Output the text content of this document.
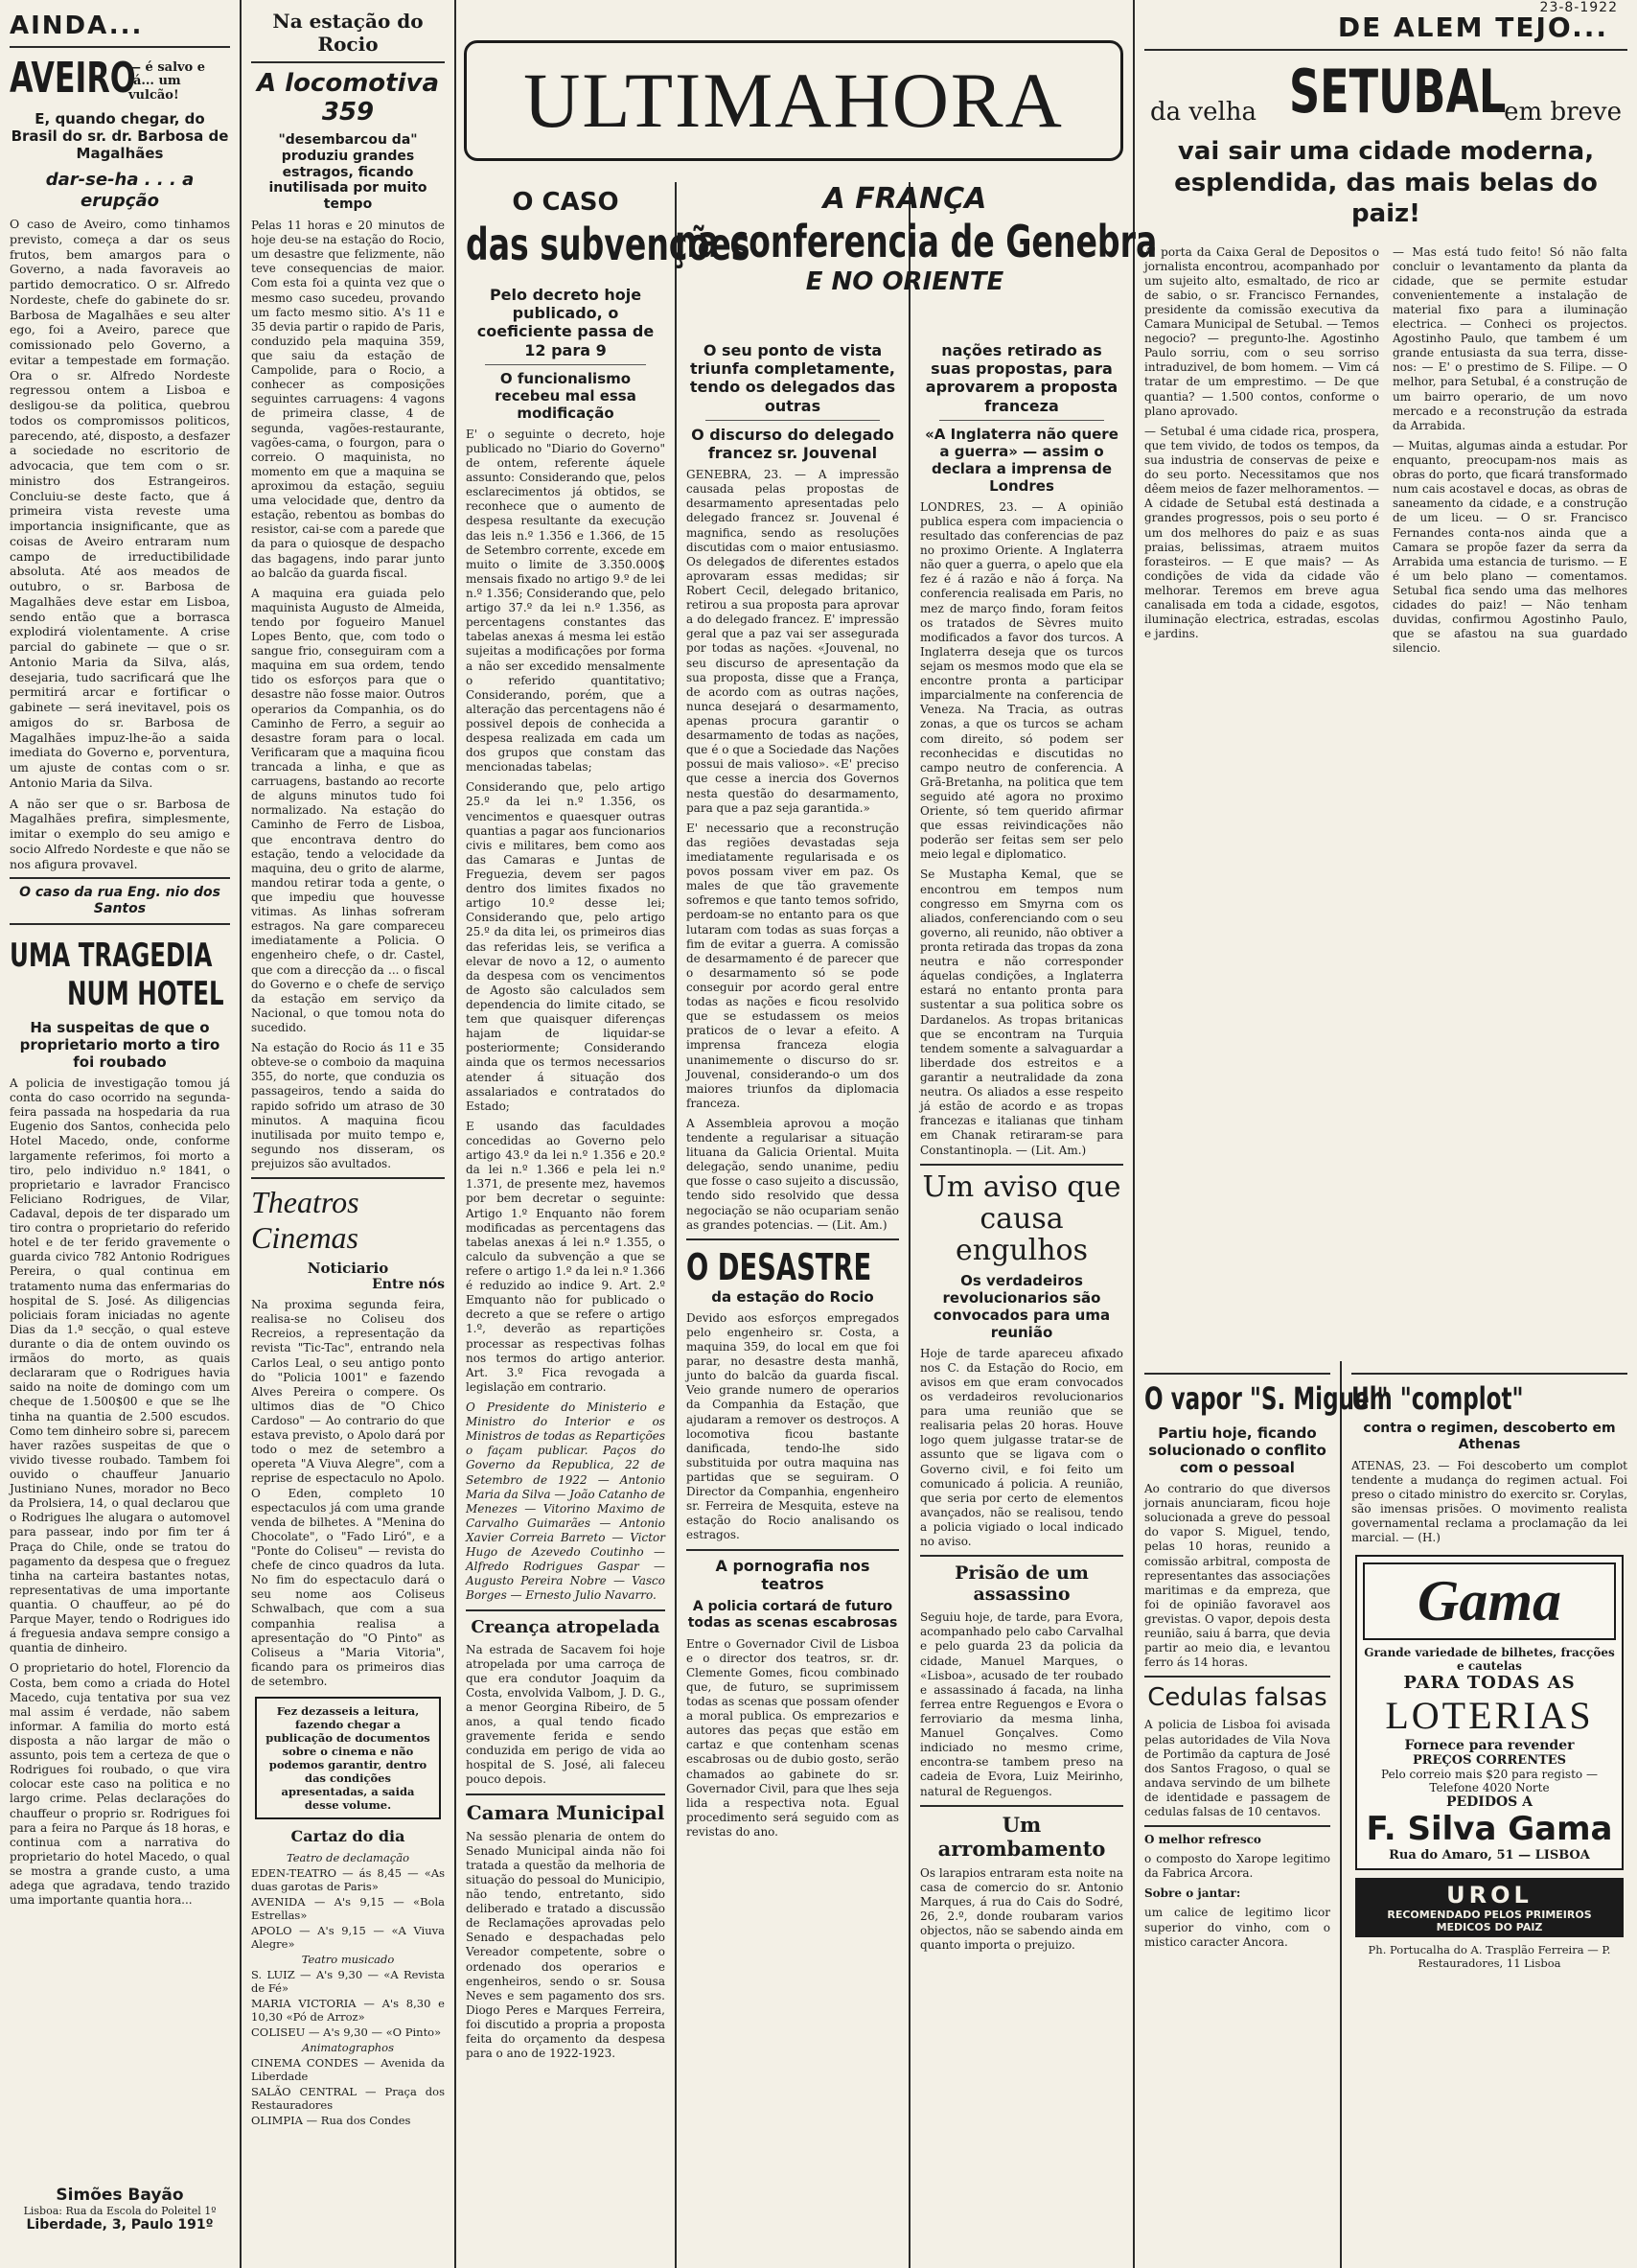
23-8-1922
AINDA...
AVEIRO
— é salvo e lá... um vulcão!
E, quando chegar, do Brasil do sr. dr. Barbosa de Magalhães
dar-se-ha . . . a erupção
O caso de Aveiro, como tinhamos previsto, começa a dar os seus frutos, bem amargos para o Governo, a nada favoraveis ao partido democratico. O sr. Alfredo Nordeste, chefe do gabinete do sr. Barbosa de Magalhães e seu alter ego, foi a Aveiro, parece que comissionado pelo Governo, a evitar a tempestade em formação. Ora o sr. Alfredo Nordeste regressou ontem a Lisboa e desligou-se da politica, quebrou todos os compromissos politicos, parecendo, até, disposto, a desfazer a sociedade no escritorio de advocacia, que tem com o sr. ministro dos Estrangeiros. Concluiu-se deste facto, que á primeira vista reveste uma importancia insignificante, que as coisas de Aveiro entraram num campo de irreductibilidade absoluta. Até aos meados de outubro, o sr. Barbosa de Magalhães deve estar em Lisboa, sendo então que a borrasca explodirá violentamente. A crise parcial do gabinete — que o sr. Antonio Maria da Silva, alás, desejaria, tudo sacrificará que lhe permitirá arcar e fortificar o gabinete — será inevitavel, pois os amigos do sr. Barbosa de Magalhães impuz-lhe-ão a saida imediata do Governo e, porventura, um ajuste de contas com o sr. Antonio Maria da Silva.
A não ser que o sr. Barbosa de Magalhães prefira, simplesmente, imitar o exemplo do seu amigo e socio Alfredo Nordeste e que não se nos afigura provavel.
O caso da rua Eng. nio dos Santos
UMA TRAGEDIA NUM HOTEL
Ha suspeitas de que o proprietario morto a tiro foi roubado
A policia de investigação tomou já conta do caso ocorrido na segunda-feira passada na hospedaria da rua Eugenio dos Santos, conhecida pelo Hotel Macedo, onde, conforme largamente referimos, foi morto a tiro, pelo individuo n.º 1841, o proprietario e lavrador Francisco Feliciano Rodrigues, de Vilar, Cadaval, depois de ter disparado um tiro contra o proprietario do referido hotel e de ter ferido gravemente o guarda civico 782 Antonio Rodrigues Pereira, o qual continua em tratamento numa das enfermarias do hospital de S. José. As diligencias policiais foram iniciadas no agente Dias da 1.ª secção, o qual esteve durante o dia de ontem ouvindo os irmãos do morto, as quais declararam que o Rodrigues havia saido na noite de domingo com um cheque de 1.500$00 e que se lhe tinha na quantia de 2.500 escudos. Como tem dinheiro sobre si, parecem haver razões suspeitas de que o vivido tivesse roubado. Tambem foi ouvido o chauffeur Januario Justiniano Nunes, morador no Beco da Prolsiera, 14, o qual declarou que o Rodrigues lhe alugara o automovel para passear, indo por fim ter á Praça do Chile, onde se tratou do pagamento da despesa que o freguez tinha na carteira bastantes notas, representativas de uma importante quantia. O chauffeur, ao pé do Parque Mayer, tendo o Rodrigues ido á freguesia andava sempre consigo a quantia de dinheiro.
O proprietario do hotel, Florencio da Costa, bem como a criada do Hotel Macedo, cuja tentativa por sua vez mal assim é verdade, não sabem informar. A familia do morto está disposta a não largar de mão o assunto, pois tem a certeza de que o Rodrigues foi roubado, o que vira colocar este caso na politica e no largo crime. Pelas declarações do chauffeur o proprio sr. Rodrigues foi para a feira no Parque ás 18 horas, e continua com a narrativa do proprietario do hotel Macedo, o qual se mostra a grande custo, a uma adega que agradava, tendo trazido uma importante quantia hora...
Simões Bayão
Lisboa: Rua da Escola do Poleitel 1º
Liberdade, 3, Paulo 191º
Na estação do Rocio
A locomotiva 359
"desembarcou da" produziu grandes estragos, ficando inutilisada por muito tempo
Pelas 11 horas e 20 minutos de hoje deu-se na estação do Rocio, um desastre que felizmente, não teve consequencias de maior. Com esta foi a quinta vez que o mesmo caso sucedeu, provando um facto mesmo sitio. A's 11 e 35 devia partir o rapido de Paris, conduzido pela maquina 359, que saiu da estação de Campolide, para o Rocio, a conhecer as composições seguintes carruagens: 4 vagons de primeira classe, 4 de segunda, vagões-restaurante, vagões-cama, o fourgon, para o correio. O maquinista, no momento em que a maquina se aproximou da estação, seguiu uma velocidade que, dentro da estação, rebentou as bombas do resistor, cai-se com a parede que da para o quiosque de despacho das bagagens, indo parar junto ao balcão da guarda fiscal.
A maquina era guiada pelo maquinista Augusto de Almeida, tendo por fogueiro Manuel Lopes Bento, que, com todo o sangue frio, conseguiram com a maquina em sua ordem, tendo tido os esforços para que o desastre não fosse maior. Outros operarios da Companhia, os do Caminho de Ferro, a seguir ao desastre foram para o local. Verificaram que a maquina ficou trancada a linha, e que as carruagens, bastando ao recorte de alguns minutos tudo foi normalizado. Na estação do Caminho de Ferro de Lisboa, que encontrava dentro do estação, tendo a velocidade da maquina, deu o grito de alarme, mandou retirar toda a gente, o que impediu que houvesse vitimas. As linhas sofreram estragos. Na gare compareceu imediatamente a Policia. O engenheiro chefe, o dr. Castel, que com a direcção da ... o fiscal do Governo e o chefe de serviço da estação em serviço da Nacional, o que tomou nota do sucedido.
Na estação do Rocio ás 11 e 35 obteve-se o comboio da maquina 355, do norte, que conduzia os passageiros, tendo a saida do rapido sofrido um atraso de 30 minutos. A maquina ficou inutilisada por muito tempo e, segundo nos disseram, os prejuizos são avultados.
Theatros Cinemas
Noticiario
Entre nós
Na proxima segunda feira, realisa-se no Coliseu dos Recreios, a representação da revista "Tic-Tac", entrando nela Carlos Leal, o seu antigo ponto do "Policia 1001" e fazendo Alves Pereira o compere. Os ultimos dias de "O Chico Cardoso" — Ao contrario do que estava previsto, o Apolo dará por todo o mez de setembro a opereta "A Viuva Alegre", com a reprise de espectaculo no Apolo. O Eden, completo 10 espectaculos já com uma grande venda de bilhetes. A "Menina do Chocolate", o "Fado Liró", e a "Ponte do Coliseu" — revista do chefe de cinco quadros da luta. No fim do espectaculo dará o seu nome aos Coliseus Schwalbach, que com a sua companhia realisa a apresentação do "O Pinto" as Coliseus a "Maria Vitoria", ficando para os primeiros dias de setembro.
Fez dezasseis a leitura, fazendo chegar a publicação de documentos sobre o cinema e não podemos garantir, dentro das condições apresentadas, a saida desse volume.
Cartaz do dia
Teatro de declamação
EDEN-TEATRO — ás 8,45 — «As duas garotas de Paris»
AVENIDA — A's 9,15 — «Bola Estrellas»
APOLO — A's 9,15 — «A Viuva Alegre»
Teatro musicado
S. LUIZ — A's 9,30 — «A Revista de Fé»
MARIA VICTORIA — A's 8,30 e 10,30 «Pó de Arroz»
COLISEU — A's 9,30 — «O Pinto»
Animatographos
CINEMA CONDES — Avenida da Liberdade
SALÃO CENTRAL — Praça dos Restauradores
OLIMPIA — Rua dos Condes
ULTIMAHORA
O CASO
das subvenções
Pelo decreto hoje publicado, o coeficiente passa de 12 para 9
O funcionalismo recebeu mal essa modificação
E' o seguinte o decreto, hoje publicado no "Diario do Governo" de ontem, referente áquele assunto: Considerando que, pelos esclarecimentos já obtidos, se reconhece que o aumento de despesa resultante da execução das leis n.º 1.356 e 1.366, de 15 de Setembro corrente, excede em muito o limite de 3.350.000$ mensais fixado no artigo 9.º de lei n.º 1.356; Considerando que, pelo artigo 37.º da lei n.º 1.356, as percentagens constantes das tabelas anexas á mesma lei estão sujeitas a modificações por forma a não ser excedido mensalmente o referido quantitativo; Considerando, porém, que a alteração das percentagens não é possivel depois de conhecida a despesa realizada em cada um dos grupos que constam das mencionadas tabelas;
Considerando que, pelo artigo 25.º da lei n.º 1.356, os vencimentos e quaesquer outras quantias a pagar aos funcionarios civis e militares, bem como aos das Camaras e Juntas de Freguezia, devem ser pagos dentro dos limites fixados no artigo 10.º desse lei; Considerando que, pelo artigo 25.º da dita lei, os primeiros dias das referidas leis, se verifica a elevar de novo a 12, o aumento da despesa com os vencimentos de Agosto são calculados sem dependencia do limite citado, se tem que quaisquer diferenças hajam de liquidar-se posteriormente; Considerando ainda que os termos necessarios atender á situação dos assalariados e contratados do Estado;
E usando das faculdades concedidas ao Governo pelo artigo 43.º da lei n.º 1.356 e 20.º da lei n.º 1.366 e pela lei n.º 1.371, de presente mez, havemos por bem decretar o seguinte: Artigo 1.º Enquanto não forem modificadas as percentagens das tabelas anexas á lei n.º 1.355, o calculo da subvenção a que se refere o artigo 1.º da lei n.º 1.366 é reduzido ao indice 9. Art. 2.º Emquanto não for publicado o decreto a que se refere o artigo 1.º, deverão as repartições processar as respectivas folhas nos termos do artigo anterior. Art. 3.º Fica revogada a legislação em contrario.
O Presidente do Ministerio e Ministro do Interior e os Ministros de todas as Repartições o façam publicar. Paços do Governo da Republica, 22 de Setembro de 1922 — Antonio Maria da Silva — João Catanho de Menezes — Vitorino Maximo de Carvalho Guimarães — Antonio Xavier Correia Barreto — Victor Hugo de Azevedo Coutinho — Alfredo Rodrigues Gaspar — Augusto Pereira Nobre — Vasco Borges — Ernesto Julio Navarro.
Creança atropelada
Na estrada de Sacavem foi hoje atropelada por uma carroça de que era condutor Joaquim da Costa, envolvida Valbom, J. D. G., a menor Georgina Ribeiro, de 5 anos, a qual tendo ficado gravemente ferida e sendo conduzida em perigo de vida ao hospital de S. José, ali faleceu pouco depois.
Camara Municipal
Na sessão plenaria de ontem do Senado Municipal ainda não foi tratada a questão da melhoria de situação do pessoal do Municipio, não tendo, entretanto, sido deliberado e tratado a discussão de Reclamações aprovadas pelo Senado e despachadas pelo Vereador competente, sobre o ordenado dos operarios e engenheiros, sendo o sr. Sousa Neves e sem pagamento dos srs. Diogo Peres e Marques Ferreira, foi discutido a propria a proposta feita do orçamento da despesa para o ano de 1922-1923.
A FRANÇA
na conferencia de Genebra
E NO ORIENTE
O seu ponto de vista triunfa completamente, tendo os delegados das outras
O discurso do delegado francez sr. Jouvenal
GENEBRA, 23. — A impressão causada pelas propostas de desarmamento apresentadas pelo delegado francez sr. Jouvenal é magnifica, sendo as resoluções discutidas com o maior entusiasmo. Os delegados de diferentes estados aprovaram essas medidas; sir Robert Cecil, delegado britanico, retirou a sua proposta para aprovar a do delegado francez. E' impressão geral que a paz vai ser assegurada por todas as nações. «Jouvenal, no seu discurso de apresentação da sua proposta, disse que a França, de acordo com as outras nações, nunca desejará o desarmamento, apenas procura garantir o desarmamento de todas as nações, que é o que a Sociedade das Nações possui de mais valioso». «E' preciso que cesse a inercia dos Governos nesta questão do desarmamento, para que a paz seja garantida.»
E' necessario que a reconstrução das regiões devastadas seja imediatamente regularisada e os povos possam viver em paz. Os males de que tão gravemente sofremos e que tanto temos sofrido, perdoam-se no entanto para os que lutaram com todas as suas forças a fim de evitar a guerra. A comissão de desarmamento é de parecer que o desarmamento só se pode conseguir por acordo geral entre todas as nações e ficou resolvido que se estudassem os meios praticos de o levar a efeito. A imprensa franceza elogia unanimemente o discurso do sr. Jouvenal, considerando-o um dos maiores triunfos da diplomacia franceza.
A Assembleia aprovou a moção tendente a regularisar a situação lituana da Galicia Oriental. Muita delegação, sendo unanime, pediu que fosse o caso sujeito a discussão, tendo sido resolvido que dessa negociação se não ocupariam senão as grandes potencias. — (Lit. Am.)
O DESASTRE
da estação do Rocio
Devido aos esforços empregados pelo engenheiro sr. Costa, a maquina 359, do local em que foi parar, no desastre desta manhã, junto do balcão da guarda fiscal. Veio grande numero de operarios da Companhia da Estação, que ajudaram a remover os destroços. A locomotiva ficou bastante danificada, tendo-lhe sido substituida por outra maquina nas partidas que se seguiram. O Director da Companhia, engenheiro sr. Ferreira de Mesquita, esteve na estação do Rocio analisando os estragos.
A pornografia nos teatros
A policia cortará de futuro todas as scenas escabrosas
Entre o Governador Civil de Lisboa e o director dos teatros, sr. dr. Clemente Gomes, ficou combinado que, de futuro, se suprimissem todas as scenas que possam ofender a moral publica. Os emprezarios e autores das peças que estão em cartaz e que contenham scenas escabrosas ou de dubio gosto, serão chamados ao gabinete do sr. Governador Civil, para que lhes seja lida a respectiva nota. Egual procedimento será seguido com as revistas do ano.
nações retirado as suas propostas, para aprovarem a proposta franceza
«A Inglaterra não quere a guerra» — assim o declara a imprensa de Londres
LONDRES, 23. — A opinião publica espera com impaciencia o resultado das conferencias de paz no proximo Oriente. A Inglaterra não quer a guerra, o apelo que ela fez é á razão e não á força. Na conferencia realisada em Paris, no mez de março findo, foram feitos os tratados de Sèvres muito modificados a favor dos turcos. A Inglaterra deseja que os turcos sejam os mesmos modo que ela se encontre pronta a participar imparcialmente na conferencia de Veneza. Na Tracia, as outras zonas, a que os turcos se acham com direito, só podem ser reconhecidas e discutidas no campo neutro de conferencia. A Grã-Bretanha, na politica que tem seguido até agora no proximo Oriente, só tem querido afirmar que essas reivindicações não poderão ser feitas sem ser pelo meio legal e diplomatico.
Se Mustapha Kemal, que se encontrou em tempos num congresso em Smyrna com os aliados, conferenciando com o seu governo, ali reunido, não obtiver a pronta retirada das tropas da zona neutra e não corresponder áquelas condições, a Inglaterra estará no entanto pronta para sustentar a sua politica sobre os Dardanelos. As tropas britanicas que se encontram na Turquia tendem somente a salvaguardar a liberdade dos estreitos e a garantir a neutralidade da zona neutra. Os aliados a esse respeito já estão de acordo e as tropas francezas e italianas que tinham em Chanak retiraram-se para Constantinopla. — (Lit. Am.)
Um aviso que
causa engulhos
Os verdadeiros revolucionarios são convocados para uma reunião
Hoje de tarde apareceu afixado nos C. da Estação do Rocio, em avisos em que eram convocados os verdadeiros revolucionarios para uma reunião que se realisaria pelas 20 horas. Houve logo quem julgasse tratar-se de assunto que se ligava com o Governo civil, e foi feito um comunicado á policia. A reunião, que seria por certo de elementos avançados, não se realisou, tendo a policia vigiado o local indicado no aviso.
Prisão de um assassino
Seguiu hoje, de tarde, para Evora, acompanhado pelo cabo Carvalhal e pelo guarda 23 da policia da cidade, Manuel Marques, o «Lisboa», acusado de ter roubado e assassinado á facada, na linha ferrea entre Reguengos e Evora o ferroviario da mesma linha, Manuel Gonçalves. Como indiciado no mesmo crime, encontra-se tambem preso na cadeia de Evora, Luiz Meirinho, natural de Reguengos.
Um arrombamento
Os larapios entraram esta noite na casa de comercio do sr. Antonio Marques, á rua do Cais do Sodré, 26, 2.º, donde roubaram varios objectos, não se sabendo ainda em quanto importa o prejuizo.
DE ALEM TEJO...
da velha SETUBAL
em breve
vai sair uma cidade moderna, esplendida, das mais belas do paiz!
A' porta da Caixa Geral de Depositos o jornalista encontrou, acompanhado por um sujeito alto, esmaltado, de rico ar de sabio, o sr. Francisco Fernandes, presidente da comissão executiva da Camara Municipal de Setubal. — Temos negocio? — pregunto-lhe. Agostinho Paulo sorriu, com o seu sorriso intraduzivel, de bom homem. — Vim cá tratar de um emprestimo. — De que quantia? — 1.500 contos, conforme o plano aprovado.
— Setubal é uma cidade rica, prospera, que tem vivido, de todos os tempos, da sua industria de conservas de peixe e do seu porto. Necessitamos que nos dêem meios de fazer melhoramentos. — A cidade de Setubal está destinada a grandes progressos, pois o seu porto é um dos melhores do paiz e as suas praias, belissimas, atraem muitos forasteiros. — E que mais? — As condições de vida da cidade vão melhorar. Teremos em breve agua canalisada em toda a cidade, esgotos, iluminação electrica, estradas, escolas e jardins.
— Mas está tudo feito! Só não falta concluir o levantamento da planta da cidade, que se permite estudar convenientemente a instalação de material fixo para a iluminação electrica. — Conheci os projectos. Agostinho Paulo, que tambem é um grande entusiasta da sua terra, disse-nos: — E' o prestimo de S. Filipe. — O melhor, para Setubal, é a construção de um bairro operario, de um novo mercado e a reconstrução da estrada da Arrabida.
— Muitas, algumas ainda a estudar. Por enquanto, preocupam-nos mais as obras do porto, que ficará transformado num cais acostavel e docas, as obras de saneamento da cidade, e a construção de um liceu. — O sr. Francisco Fernandes conta-nos ainda que a Camara se propõe fazer da serra da Arrabida uma estancia de turismo. — E é um belo plano — comentamos. Setubal fica sendo uma das melhores cidades do paiz! — Não tenham duvidas, confirmou Agostinho Paulo, que se afastou na sua guardado silencio.
O vapor "S. Miguel"
Partiu hoje, ficando solucionado o conflito com o pessoal
Ao contrario do que diversos jornais anunciaram, ficou hoje solucionada a greve do pessoal do vapor S. Miguel, tendo, pelas 10 horas, reunido a comissão arbitral, composta de representantes das associações maritimas e da empreza, que foi de opinião favoravel aos grevistas. O vapor, depois desta reunião, saiu á barra, que devia partir ao meio dia, e levantou ferro ás 14 horas.
Cedulas falsas
A policia de Lisboa foi avisada pelas autoridades de Vila Nova de Portimão da captura de José dos Santos Fragoso, o qual se andava servindo de um bilhete de identidade e passagem de cedulas falsas de 10 centavos.
O melhor refresco
o composto do Xarope legitimo da Fabrica Arcora.
Sobre o jantar:
um calice de legitimo licor superior do vinho, com o mistico caracter Ancora.
Um "complot"
contra o regimen, descoberto em Athenas
ATENAS, 23. — Foi descoberto um complot tendente a mudança do regimen actual. Foi preso o citado ministro do exercito sr. Corylas, são imensas prisões. O movimento realista governamental reclama a proclamação da lei marcial. — (H.)
Gama
Grande variedade de bilhetes, fracções e cautelas
PARA TODAS AS
LOTERIAS
Fornece para revender
PREÇOS CORRENTES
Pelo correio mais $20 para registo — Telefone 4020 Norte
PEDIDOS A
F. Silva Gama
Rua do Amaro, 51 — LISBOA
UROL
RECOMENDADO PELOS PRIMEIROS MEDICOS DO PAIZ
Ph. Portucalha do A. Trasplão Ferreira — P. Restauradores, 11 Lisboa
